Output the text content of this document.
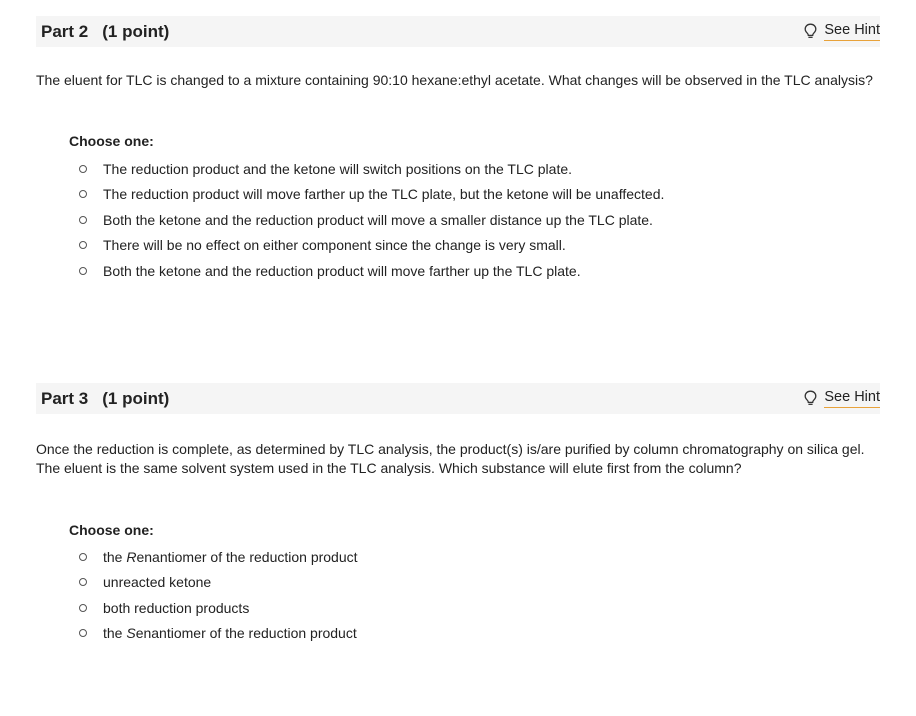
Part 2 (1 point)	See Hint
The eluent for TLC is changed to a mixture containing 90:10 hexane:ethyl acetate. What changes will be observed in the TLC analysis?
Choose one:
The reduction product and the ketone will switch positions on the TLC plate.
The reduction product will move farther up the TLC plate, but the ketone will be unaffected.
Both the ketone and the reduction product will move a smaller distance up the TLC plate.
There will be no effect on either component since the change is very small.
Both the ketone and the reduction product will move farther up the TLC plate.
Part 3 (1 point)	See Hint
Once the reduction is complete, as determined by TLC analysis, the product(s) is/are purified by column chromatography on silica gel.
The eluent is the same solvent system used in the TLC analysis. Which substance will elute first from the column?
Choose one:
the Renantiomer of the reduction product
unreacted ketone
both reduction products
the Senantiomer of the reduction product
